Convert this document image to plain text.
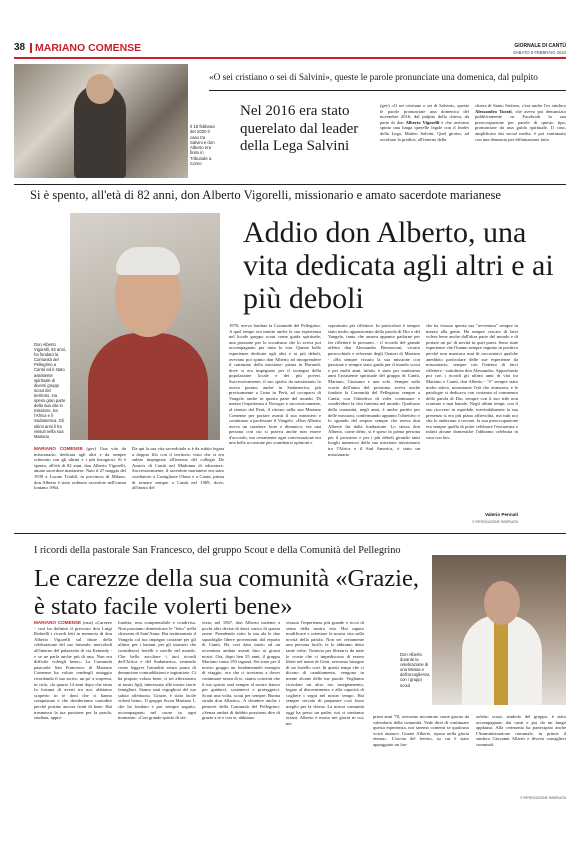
38 MARIANO COMENSE	GIORNALE DI CANTÙ
SABATO 5 FEBBRAIO 2022
«O sei cristiano o sei di Salvini», queste le parole pronunciate una domenica, dal pulpito
Il 18 febbraio del 2020 il caso tra Salvini e don Alberto era finito in Tribunale a Como
Nel 2016 era stato querelato dal leader della Lega Salvini
(gev) «O sei cristiano o sei di Salvini», queste le parole pronunciate una domenica del novembre 2016, dal pulpito della chiesa, da parte di don Alberto Vigorelli e che avevano spinto una lunga querelle legale con il leader della Lega, Matteo Salvini. Quel giorno, ad ascoltare la predica, all'interno della
chiesa di Santo Stefano, c'era anche l'ex sindaco Alessandro Turati, che aveva poi denunciato pubblicamente su Facebook la sua preoccupazione per parole di questo tipo, pronunciate da una guida spirituale. Il caso, amplificato dai social media, è poi continuato con una denuncia per diffamazione fatta
Si è spento, all'età di 82 anni, don Alberto Vigorelli, missionario e amato sacerdote marianese
Don Alberto Vigorelli, 82 anni, ha fondato la Comunità del Pellegrino a Cantù ed è stato assistente spirituale di diversi gruppi scout del territorio. Ha speso gran parte della sua vita in missione, tra l'Africa e il Sudamerica. Gli ultimi anni li ha vissuti nella sua Mariano
Addio don Alberto, una vita dedicata agli altri e ai più deboli
MARIANO COMENSE (gev) Una vita da missionario, dedicata agli altri e da sempre schierato con gli ultimi e i più bisognosi. Si è spento, all'età di 82 anni, don Alberto Vigorelli, amato sacerdote marianese. Nato il 27 maggio del 1939 a Lucate Triuldi, in provincia di Milano, don Alberto è stato ordinato sacerdote nell'ormai lontano 1964.
Da qui la sua vita sacerdotale si è da subito legata a doppio filo con il territorio visto che si era subito impegnato all'interno del collegio De Amicis di Cantù nel Madonna di educatore. Successivamente, il sacerdote marianese era stato coadiutore a Castiglione Olona e a Cantù, prima di tornare sempre a Cantù nel 1969, dove, all'inizio del
1970, aveva fondato la Comunità del Pellegrino. A quel tempo era intuito anche la sua esperienza nel locale gruppo scout come guida spirituale, una passione per lo scoutismo che lo aveva poi accompagnato per tutta la vita. Queste belle esperienze dedicate agli altri e ai più deboli, avevano poi spinto don Alberto ad intraprendere il cammino della missione: prima in Burundi, dove si era impegnato per il sostegno della popolazione locale e dei più poveri. Successivamente, il suo spirito da missionario lo aveva portato anche in Sudamerica, più precisamente a Lima in Perù, ad occuparsi di Vangelo anche in questa parte del mondo. Di mezzo l'esperienza a Novegro e successivamente, al rientro dal Perù, il ritorno nella sua Mariano Comense per portare avanti il suo ministero e continuare a professare il Vangelo. «Don Alberto aveva un carattere forte e dinamico; era una persona con cui si poteva anche non essere d'accordo, ma certamente ogni conversazione era una bella occasione per scambiarsi opinioni e
soprattutto per riflettere. In particolare è sempre stato molto appassionato della parola di Dio e del Vangelo, tanto che amava appunto parlarne per far riflettere le persone» - il ricordo del grande affetto don Alessandro Bernasconi, vicario parrocchiale e referente degli Oratori di Mariano - «Ha sempre vissuto la sua missione con passione e sempre stato guida per il mondo scout e per molti anni, infatti, è stato per tantissima anni l'assistente spirituale del gruppo di Cantù, Mariano, Giussano e non solo. Sempre sulla scorta dell'aiuto del prossimo aveva anche fondato la Comunità del Pellegrino sempre a Cantù, con l'obiettivo di voler continuare e condividere la vita fraterna nel mondo. Qualcuno della comunità, negli anni, è anche partito per delle missioni, confermando appunto l'obiettivo e lo sguardo del respiro sempre che aveva don Alberto fin dalla fondazione. Lo stesso don Alberto, come detto, si è speso in prima persona per il prossimo e per i più deboli girando tanti luoghi numerosi della sua missione missionario tra l'Africa e il Sud America, è stato un missionario
che ha vissuto questa sua "avventura" sempre in mezzo alla gente. Ha sempre cercato di farsi volere bene anche dall'altra parte del mondo e di portare un po' di novità in quei paesi. Sono state esperienze che l'hanno sempre segnato in positivo perché non mancava mai di raccontarci qualche aneddoto particolare delle sue esperienze da missionario, sempre con l'intento di farci riflettere - sottolinea don Alessandro. Approfondo poi con i ricordi gli ultimi anni di vita tra Mariano e Cantù, don Alberto - "è" sempre stato molto attivo, nonostante l'età che avanzava, e le patologie si dedicava con costanza al commento della parola di Dio, sempre con il suo stile non scontato e mai banale. Negli ultimi tempi, con il suo ricovero in ospedale, inevitabilmente la sua presenza si era più piano affievolita, ma tutti noi che lo andavano a trovare, la sua preoccupazione era sempre quella di poter celebrare l'eucarestia e infatti alcune domeniche l'abbiamo celebrata in casa con lui»
Valerio Pennati
© RIPRODUZIONE RISERVATA
I ricordi della pastorale San Francesco, del gruppo Scout e della Comunità del Pellegrino
Le carezze della sua comunità «Grazie, è stato facile volerti bene»
MARIANO COMENSE (rma) «Carezze - così ha definito il prevosto don Luigi Redaelli i ricordi letti in memoria di don Alberto Vigorelli sul finire della celebrazione del suo funerale, mercoledì all'interno del palazzetto di via Kennedy - e se ne parla anche più di una. Non era difficile volergli bene». La Comunità pastorale San Francesco di Mariano Comense ha voluto renderglì omaggio ricordando il suo arrivo, un po' a sorpresa, in città, «la quarta 14 anni dopo che tanta fu fortuna di averti tra noi, abbiamo scoperto in te doni che ci hanno conquistato e che desideriamo custodire perché portino ancora frutti di bene. Hai trasmesso la tua passione per la parola, studiata, appro-
fondita, resa comprensibile e condivisa. Non possiamo dimenticare le "letto" nella chiesetta di Sant'Anna. Hai testimoniato il Vangelo col tuo impegno costante per gli ultimi, per i lontani, per gli stranieri che consideravi fratelli e sorelle nel mondo. Che bello ascoltare i tuoi ricordi dell'Africa e del Sudamerica, sentendo come leggevi l'attualità senza paura di denunciare contraddizioni e ingiustizie. Ci ha proprio voluto bene, ti sei affezionato ai nostri figli, interessato alle nostre storie famigliari. Siamo stati orgogliosi del tuo saluto affettuoso. Grazie, è stato facile volerti bene». Il gruppo Scout Mariano 1, che ha fondato e poi sempre seguito, accompagnato nel cuore in ogni momento: «Con grande spirito di ser-
vizio, nel 1967, don Alberto insieme a pochi altri decise di darci carico di questa onere. Prendendo sotto la sua ala le due squadriglie libere provenienti dal reparto di Cantù. Ha così dato inizio ad un avventura andata avanti fino ai giorni nostri. Ora, dopo ben 55 anni, il gruppo Mariano conta 150 ragazzi. Sei stato per il nostro gruppo un fondamentale esempio di viaggio, ora che ci troviamo a dover continuare senza di te, siamo convinti che il tuo spirito sarà sempre al nostro fianco per guidarci, sostenerci e proteggerci. Scout una volta, scout per sempre. Buona strada don Alberto». A chiudere anche i pensieri della Comunità del Pellegrino: «Senza ombra di dubbio possiamo dire di grazie a te e con te, abbiamo
vissuto l'esperienza più grande e ricca di senso della nostra vita. Hai saputo modificare e orientare la nostra vita sulla novità della parola. Non sei certamente una persona facile, te lo abbiamo detto tante volte. Tuttavia per liberarci da tutte le croste che ci impediscono di essere liberi nel nome di Gesù, avevamo bisogno di un fratello così. In questi tempi che ci dicono di cambiamento, vengono in mente alcune delle tue parole. Vogliamo ricordare un altro tuo insegnamento, legato al discernimento e alla capacità di cogliere i segni nel nostro tempo. Hai sempre cercato di preparare così fosse meglio per la chiesa. La nostra comunità oggi ha perso un padre, noi ci sentiamo orfani. Alberto è morto nei giorni in cui, nei
Don Alberto durante la celebrazione di una Messa e dell'accoglienza con i gruppi scout
primi anni '70, avevamo incontrato come giorno da calendario della comunità. Vede direi di continuare questa esperienza, noi saremo contenti se qualcuno vorrà aiutarci. Grazie Alberto, riposa nella gloria eterna». L'uscita del feretro, su cui è stato appoggiato un faz-
zoletto scout, simbolo del gruppo, è stato accompagnato dai canti e poi da un lungo applauso. Alla cerimonia ha partecipato anche l'Amministrazione comunale, in primis il sindaco Giovanni Alberti e diversi consiglieri comunali.
© RIPRODUZIONE RISERVATA
